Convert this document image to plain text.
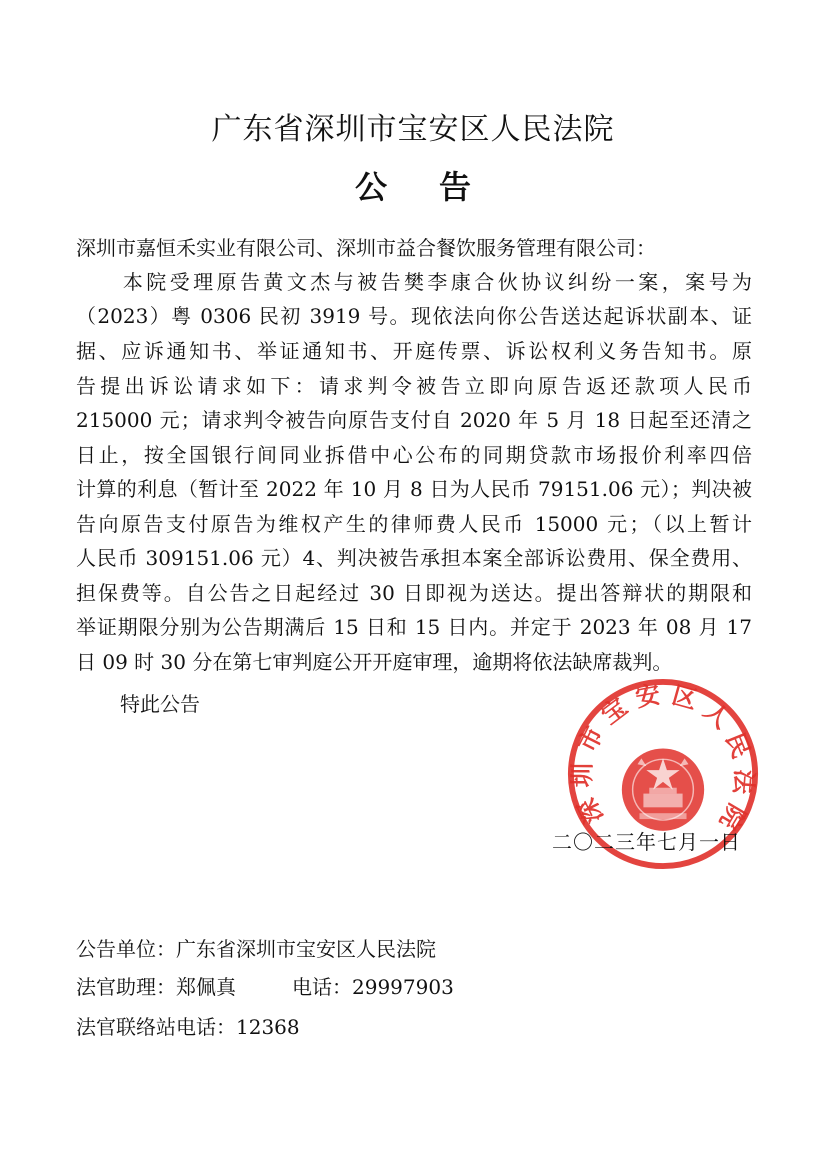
广东省深圳市宝安区人民法院
公 告
深圳市嘉恒禾实业有限公司、深圳市益合餐饮服务管理有限公司：
　　本院受理原告黄文杰与被告樊李康合伙协议纠纷一案，案号为
（2023）粤 0306 民初 3919 号。现依法向你公告送达起诉状副本、证
据、应诉通知书、举证通知书、开庭传票、诉讼权利义务告知书。原
告提出诉讼请求如下：请求判令被告立即向原告返还款项人民币
215000 元；请求判令被告向原告支付自 2020 年 5 月 18 日起至还清之
日止，按全国银行间同业拆借中心公布的同期贷款市场报价利率四倍
计算的利息（暂计至 2022 年 10 月 8 日为人民币 79151.06 元）；判决被
告向原告支付原告为维权产生的律师费人民币 15000 元；（以上暂计
人民币 309151.06 元）4、判决被告承担本案全部诉讼费用、保全费用、
担保费等。自公告之日起经过 30 日即视为送达。提出答辩状的期限和
举证期限分别为公告期满后 15 日和 15 日内。并定于 2023 年 08 月 17
日 09 时 30 分在第七审判庭公开开庭审理，逾期将依法缺席裁判。
特此公告
深圳市宝安区人民法院
二〇二三年七月一日
公告单位：广东省深圳市宝安区人民法院
法官助理：郑佩真	电话：29997903
法官联络站电话：12368
